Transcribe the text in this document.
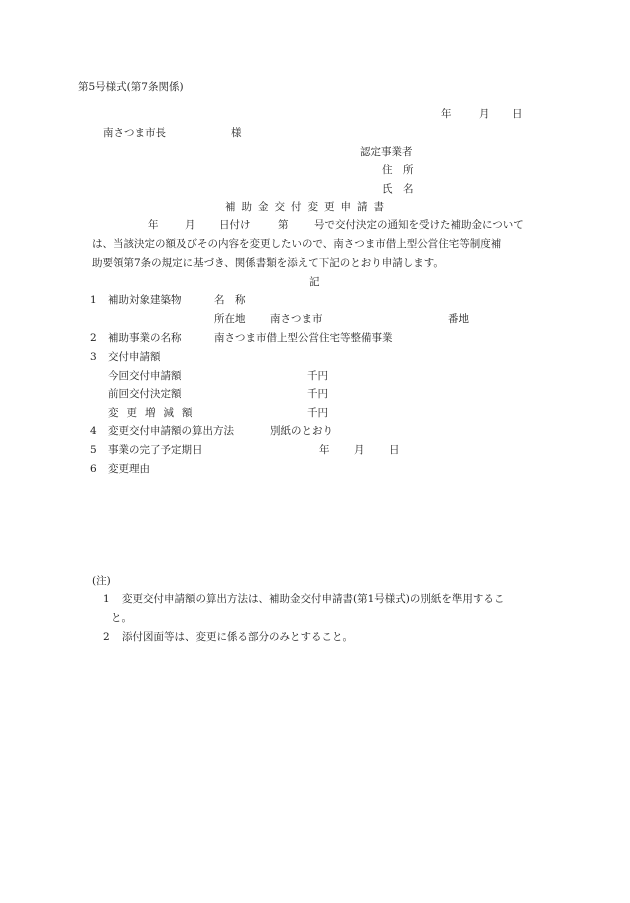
第5号様式(第7条関係)
年	月 日
南さつま市長	様
認定事業者
住　所
氏　名
補助金交付変更申請書
年	月 日付け	第 号で交付決定の通知を受けた補助金について
は、当該決定の額及びその内容を変更したいので、南さつま市借上型公営住宅等制度補
助要領第7条の規定に基づき、関係書類を添えて下記のとおり申請します。
記
1 補助対象建築物	名　称
所在地 南さつま市	番地
2 補助事業の名称	南さつま市借上型公営住宅等整備事業
3 交付申請額
今回交付申請額	千円
前回交付決定額	千円
変更増減額	千円
4 変更交付申請額の算出方法	別紙のとおり
5 事業の完了予定期日	年 月 日
6 変更理由
(注)
1 変更交付申請額の算出方法は、補助金交付申請書(第1号様式)の別紙を準用するこ
と。
2 添付図面等は、変更に係る部分のみとすること。
